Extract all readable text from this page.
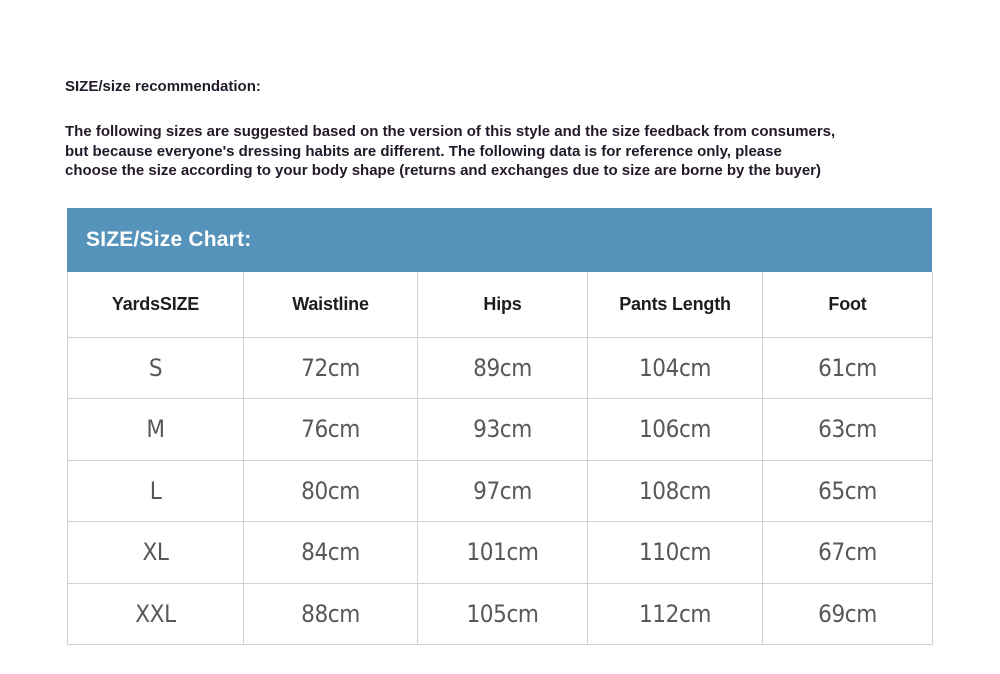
SIZE/size recommendation:
The following sizes are suggested based on the version of this style and the size feedback from consumers,
but because everyone's dressing habits are different. The following data is for reference only, please
choose the size according to your body shape (returns and exchanges due to size are borne by the buyer)
SIZE/Size Chart:
YardsSIZE	Waistline	Hips	Pants Length	Foot
S	72cm	89cm	104cm	61cm
M	76cm	93cm	106cm	63cm
L	80cm	97cm	108cm	65cm
XL	84cm	101cm	110cm	67cm
XXL	88cm	105cm	112cm	69cm
